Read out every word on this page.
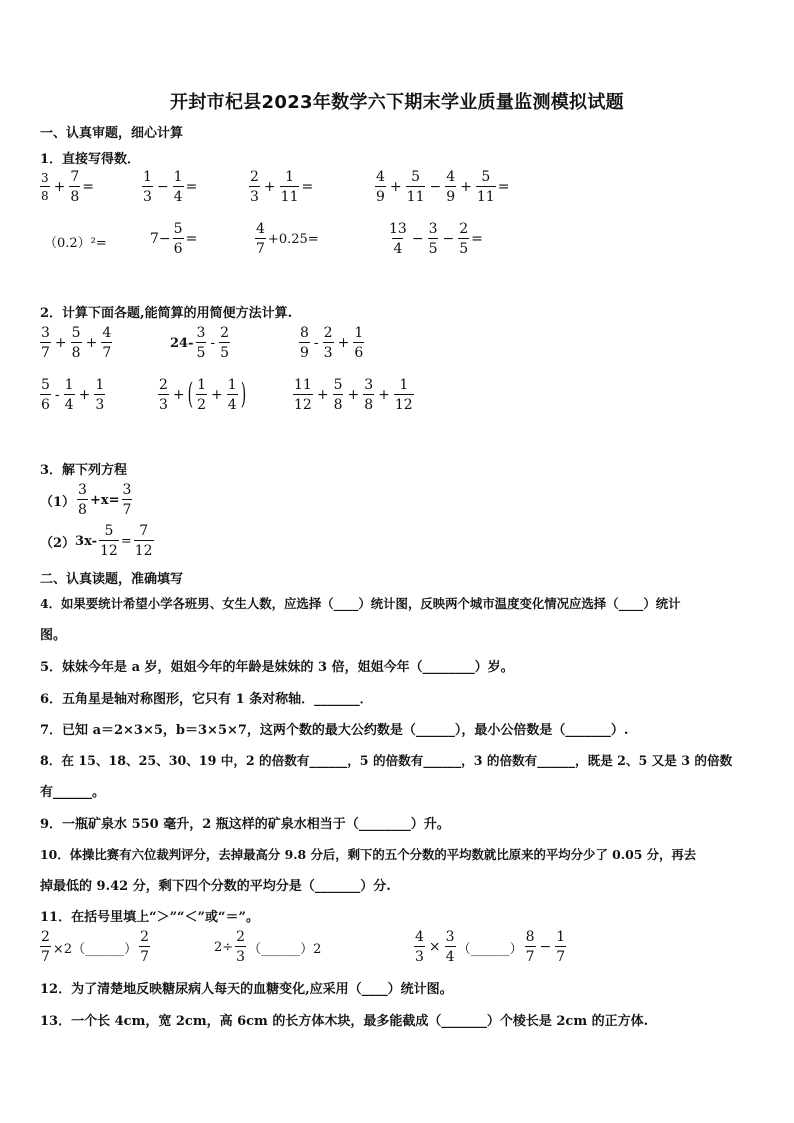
开封市杞县2023年数学六下期末学业质量监测模拟试题
一、认真审题，细心计算
1．直接写得数．
$\frac{3}{8} + \frac{7}{8}$ =	$\frac{1}{3} - \frac{1}{4}$ =	$\frac{2}{3} + \frac{1}{11}$ =	$\frac{4}{9} + \frac{5}{11} - \frac{4}{9} + \frac{5}{11}$ =
（0.2）²=	$7- \frac{5}{6}$ =	$\frac{4}{7} +0.25=$	$\frac{13}{4} - \frac{3}{5} - \frac{2}{5}$ =
2．计算下面各题,能简算的用简便方法计算.
$\frac{3}{7} + \frac{5}{8} + \frac{4}{7}$	$24- \frac{3}{5} - \frac{2}{5}$	$\frac{8}{9} - \frac{2}{3} + \frac{1}{6}$
$\frac{5}{6} - \frac{1}{4} + \frac{1}{3}$	$\frac{2}{3}$ + ( $\frac{1}{2} + \frac{1}{4}$ )	$\frac{11}{12} + \frac{5}{8} + \frac{3}{8} + \frac{1}{12}$
3．解下列方程
$(1) \frac{3}{8} +x= \frac{3}{7}$
（2） $3x- \frac{5}{12} = \frac{7}{12}$
二、认真读题，准确填写
4．如果要统计希望小学各班男、女生人数，应选择（____）统计图，反映两个城市温度变化情况应选择（____）统计
图。
5．妹妹今年是 a 岁，姐姐今年的年龄是妹妹的 3 倍，姐姐今年（________）岁。
6．五角星是轴对称图形，它只有 1 条对称轴．_______．
7．已知 a＝2×3×5，b＝3×5×7，这两个数的最大公约数是（______），最小公倍数是（_______）.
8．在 15、18、25、30、19 中，2 的倍数有______，5 的倍数有______，3 的倍数有______，既是 2、5 又是 3 的倍数
有______。
9．一瓶矿泉水 550 毫升，2 瓶这样的矿泉水相当于（________）升。
10．体操比赛有六位裁判评分，去掉最高分 9.8 分后，剩下的五个分数的平均数就比原来的平均分少了 0.05 分，再去
掉最低的 9.42 分，剩下四个分数的平均分是（_______）分.
11．在括号里填上“＞”“＜”或“＝”。
$\frac{2}{7}$ ×2（______） $\frac{2}{7}$	$2\div \frac{2}{3}$ （______）2	$\frac{4}{3} \times \frac{3}{4}$ （______） $\frac{8}{7} - \frac{1}{7}$
12．为了清楚地反映糖尿病人每天的血糖变化,应采用（____）统计图。
13．一个长 4cm，宽 2cm，高 6cm 的长方体木块，最多能截成（_______）个棱长是 2cm 的正方体.
